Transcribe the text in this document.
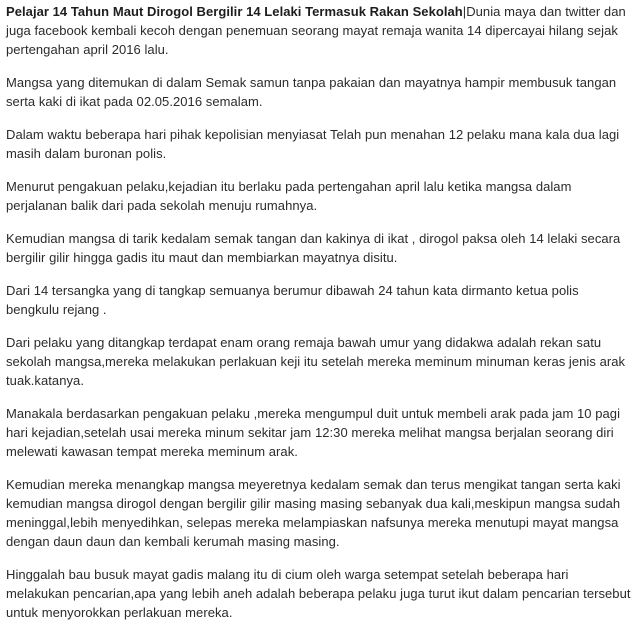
Pelajar 14 Tahun Maut Dirogol Bergilir 14 Lelaki Termasuk Rakan Sekolah|Dunia maya dan twitter dan juga facebook kembali kecoh dengan penemuan seorang mayat remaja wanita 14 dipercayai hilang sejak pertengahan april 2016 lalu.

Mangsa yang ditemukan di dalam Semak samun tanpa pakaian dan mayatnya hampir membusuk tangan serta kaki di ikat pada 02.05.2016 semalam.

Dalam waktu beberapa hari pihak kepolisian menyiasat Telah pun menahan 12 pelaku mana kala dua lagi masih dalam buronan polis.

Menurut pengakuan pelaku,kejadian itu berlaku pada pertengahan april lalu ketika mangsa dalam perjalanan balik dari pada sekolah menuju rumahnya.

Kemudian mangsa di tarik kedalam semak tangan dan kakinya di ikat , dirogol paksa oleh 14 lelaki secara bergilir gilir hingga gadis itu maut dan membiarkan mayatnya disitu.

Dari 14 tersangka yang di tangkap semuanya berumur dibawah 24 tahun kata dirmanto ketua polis bengkulu rejang .

Dari pelaku yang ditangkap terdapat enam orang remaja bawah umur yang didakwa adalah rekan satu sekolah mangsa,mereka melakukan perlakuan keji itu setelah mereka meminum minuman keras jenis arak tuak.katanya.

Manakala berdasarkan pengakuan pelaku ,mereka mengumpul duit untuk membeli arak pada jam 10 pagi hari kejadian,setelah usai mereka minum sekitar jam 12:30 mereka melihat mangsa berjalan seorang diri melewati kawasan tempat mereka meminum arak.

Kemudian mereka menangkap mangsa meyeretnya kedalam semak dan terus mengikat tangan serta kaki kemudian mangsa dirogol dengan bergilir gilir masing masing sebanyak dua kali,meskipun mangsa sudah meninggal,lebih menyedihkan, selepas mereka melampiaskan nafsunya mereka menutupi mayat mangsa dengan daun daun dan kembali kerumah masing masing.

Hinggalah bau busuk mayat gadis malang itu di cium oleh warga setempat setelah beberapa hari melakukan pencarian,apa yang lebih aneh adalah beberapa pelaku juga turut ikut dalam pencarian tersebut untuk menyorokkan perlakuan mereka.
